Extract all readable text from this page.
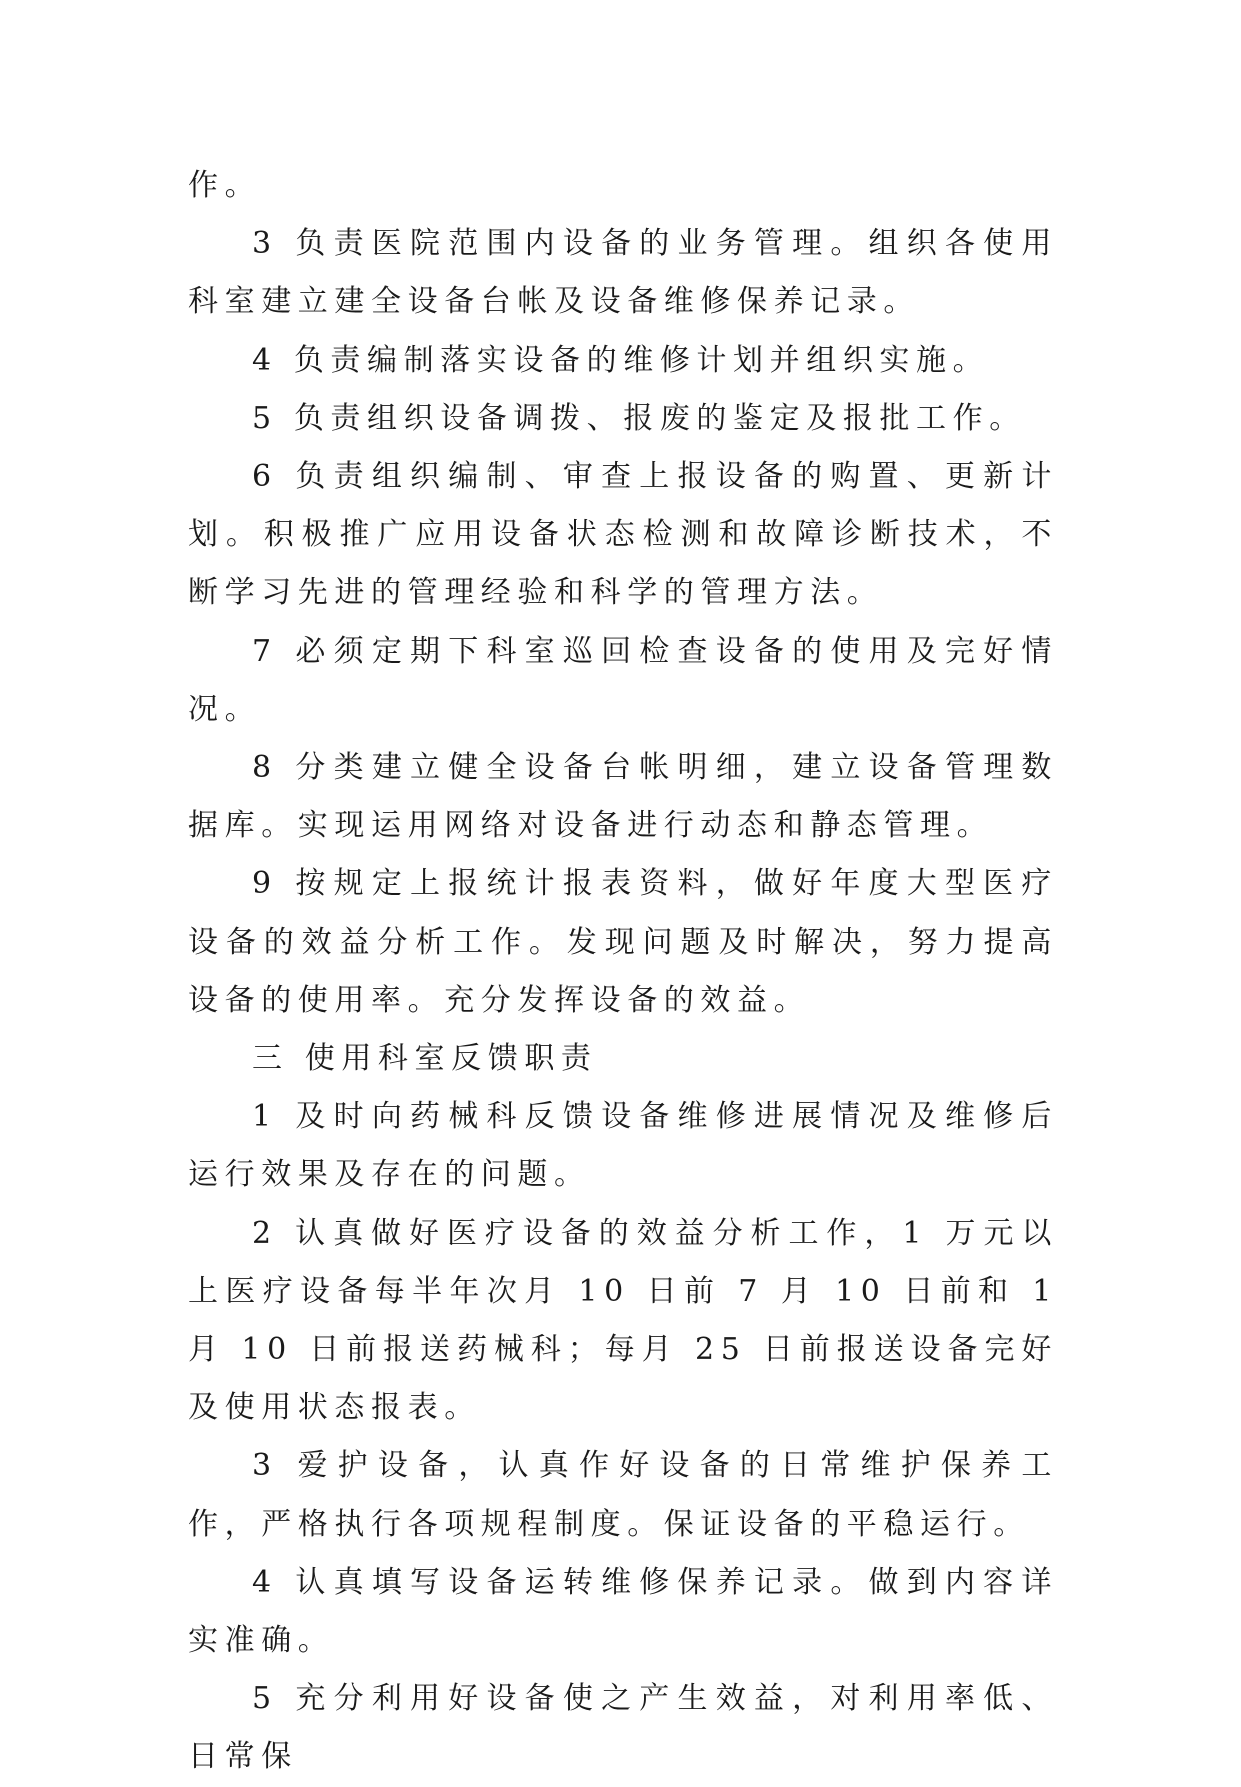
作。

3 负责医院范围内设备的业务管理。组织各使用科室建立建全设备台帐及设备维修保养记录。

4 负责编制落实设备的维修计划并组织实施。

5 负责组织设备调拨、报废的鉴定及报批工作。

6 负责组织编制、审查上报设备的购置、更新计划。积极推广应用设备状态检测和故障诊断技术，不断学习先进的管理经验和科学的管理方法。

7 必须定期下科室巡回检查设备的使用及完好情况。

8 分类建立健全设备台帐明细，建立设备管理数据库。实现运用网络对设备进行动态和静态管理。

9 按规定上报统计报表资料，做好年度大型医疗设备的效益分析工作。发现问题及时解决，努力提高设备的使用率。充分发挥设备的效益。

三 使用科室反馈职责

1 及时向药械科反馈设备维修进展情况及维修后运行效果及存在的问题。

2 认真做好医疗设备的效益分析工作，1 万元以上医疗设备每半年次月 10 日前 7 月 10 日前和 1 月 10 日前报送药械科；每月 25 日前报送设备完好及使用状态报表。

3 爱护设备，认真作好设备的日常维护保养工作，严格执行各项规程制度。保证设备的平稳运行。

4 认真填写设备运转维修保养记录。做到内容详实准确。

5 充分利用好设备使之产生效益，对利用率低、日常保
